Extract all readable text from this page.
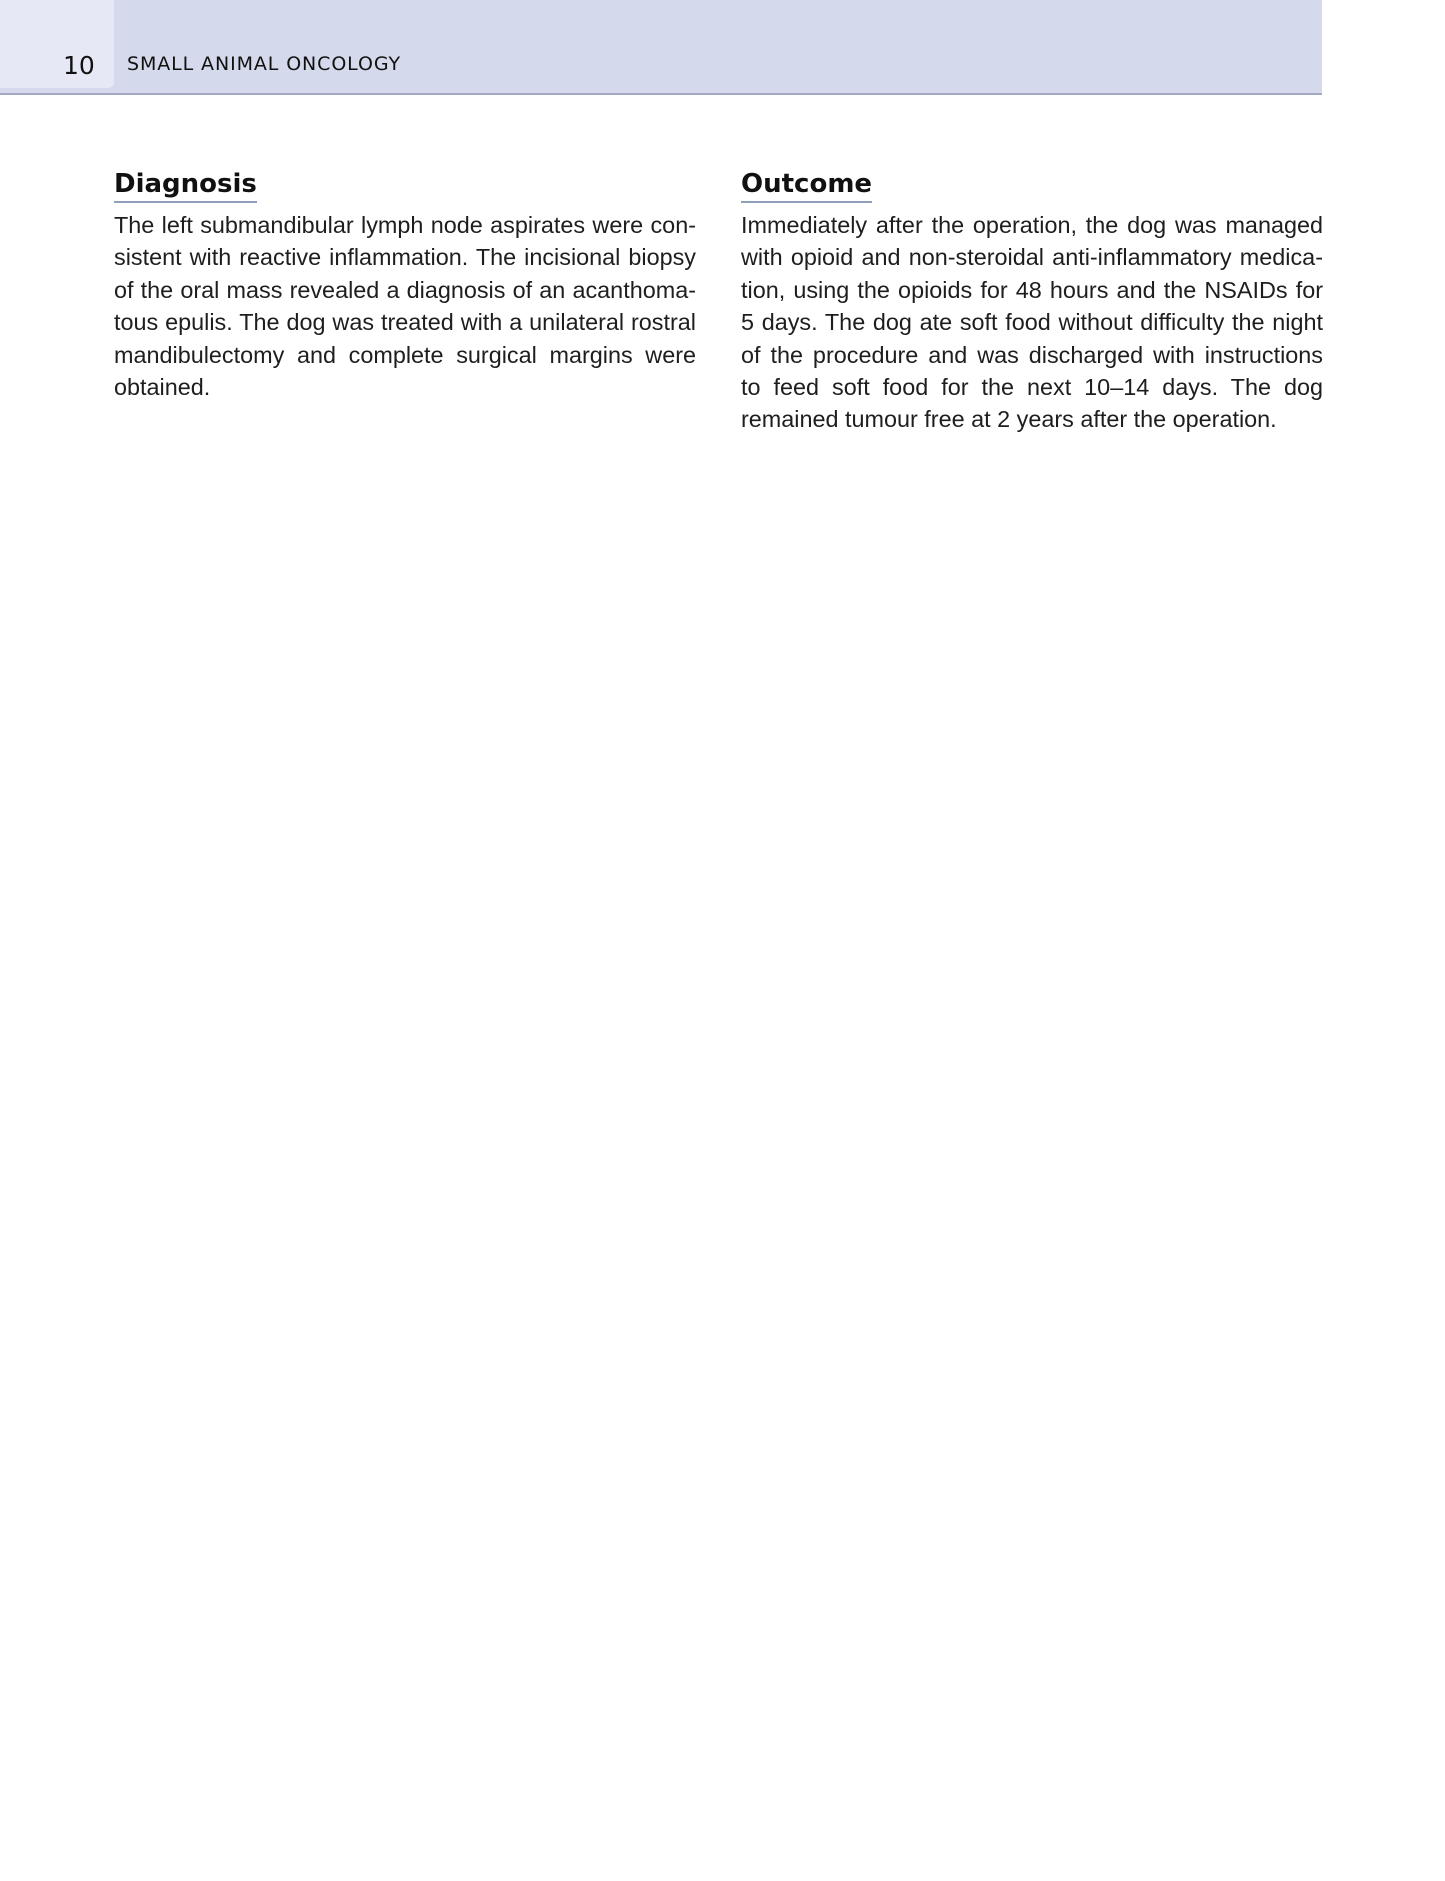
10 SMALL ANIMAL ONCOLOGY
Diagnosis

The left submandibular lymph node aspirates were consistent with reactive inflammation. The incisional biopsy of the oral mass revealed a diagnosis of an acanthomatous epulis. The dog was treated with a unilateral rostral mandibulectomy and complete surgical margins were obtained.

Outcome

Immediately after the operation, the dog was managed with opioid and non-steroidal anti-inflammatory medication, using the opioids for 48 hours and the NSAIDs for 5 days. The dog ate soft food without difficulty the night of the procedure and was discharged with instructions to feed soft food for the next 10–14 days. The dog remained tumour free at 2 years after the operation.
